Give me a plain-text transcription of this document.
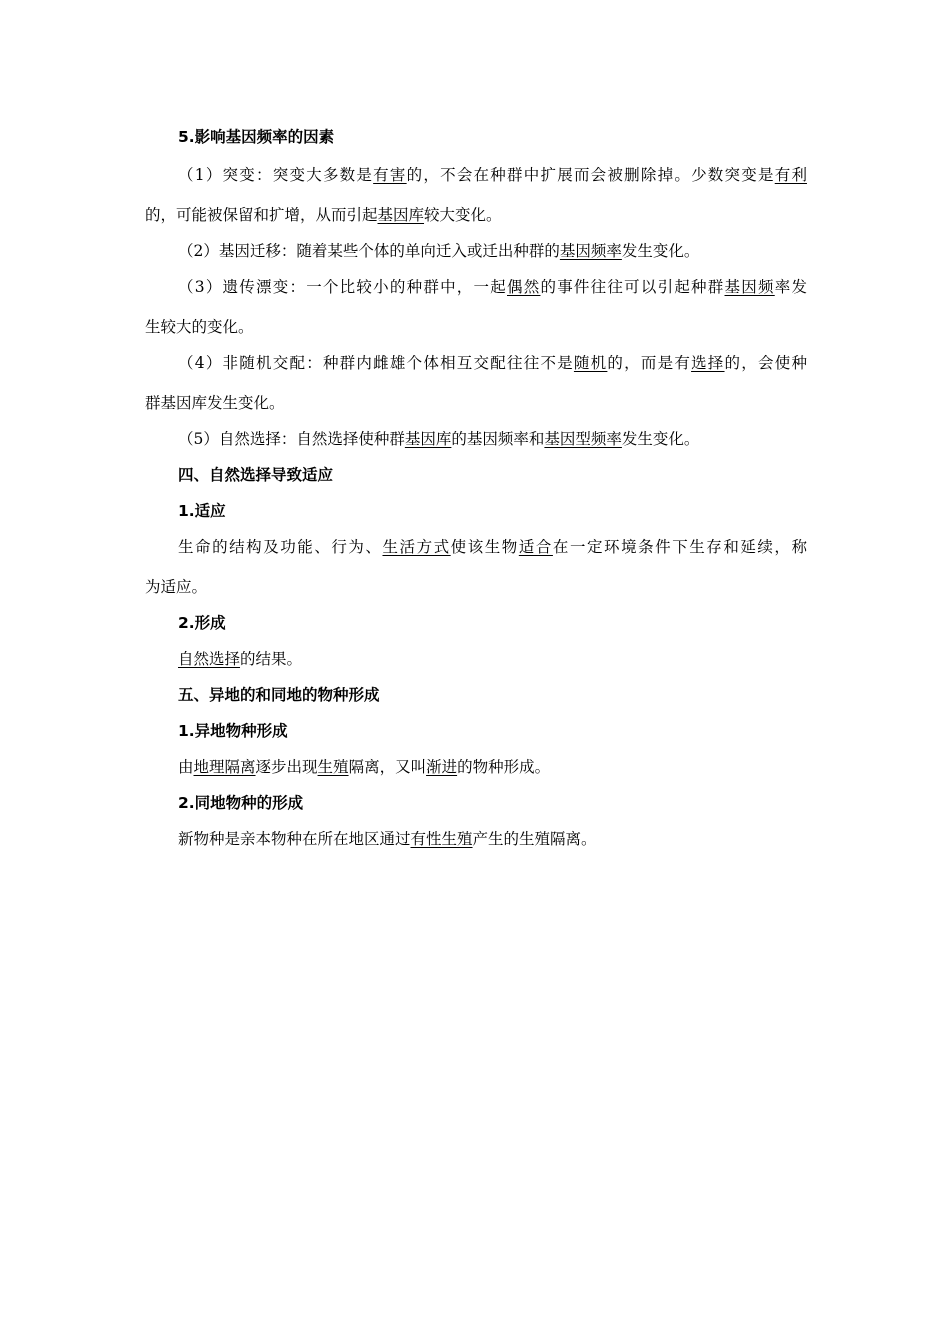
5.影响基因频率的因素
（1）突变：突变大多数是有害的，不会在种群中扩展而会被删除掉。少数突变是有利
的，可能被保留和扩增，从而引起基因库较大变化。
（2）基因迁移：随着某些个体的单向迁入或迁出种群的基因频率发生变化。
（3）遗传漂变：一个比较小的种群中，一起偶然的事件往往可以引起种群基因频率发
生较大的变化。
（4）非随机交配：种群内雌雄个体相互交配往往不是随机的，而是有选择的，会使种
群基因库发生变化。
（5）自然选择：自然选择使种群基因库的基因频率和基因型频率发生变化。
四、自然选择导致适应
1.适应
生命的结构及功能、行为、生活方式使该生物适合在一定环境条件下生存和延续，称
为适应。
2.形成
自然选择的结果。
五、异地的和同地的物种形成
1.异地物种形成
由地理隔离逐步出现生殖隔离，又叫渐进的物种形成。
2.同地物种的形成
新物种是亲本物种在所在地区通过有性生殖产生的生殖隔离。
